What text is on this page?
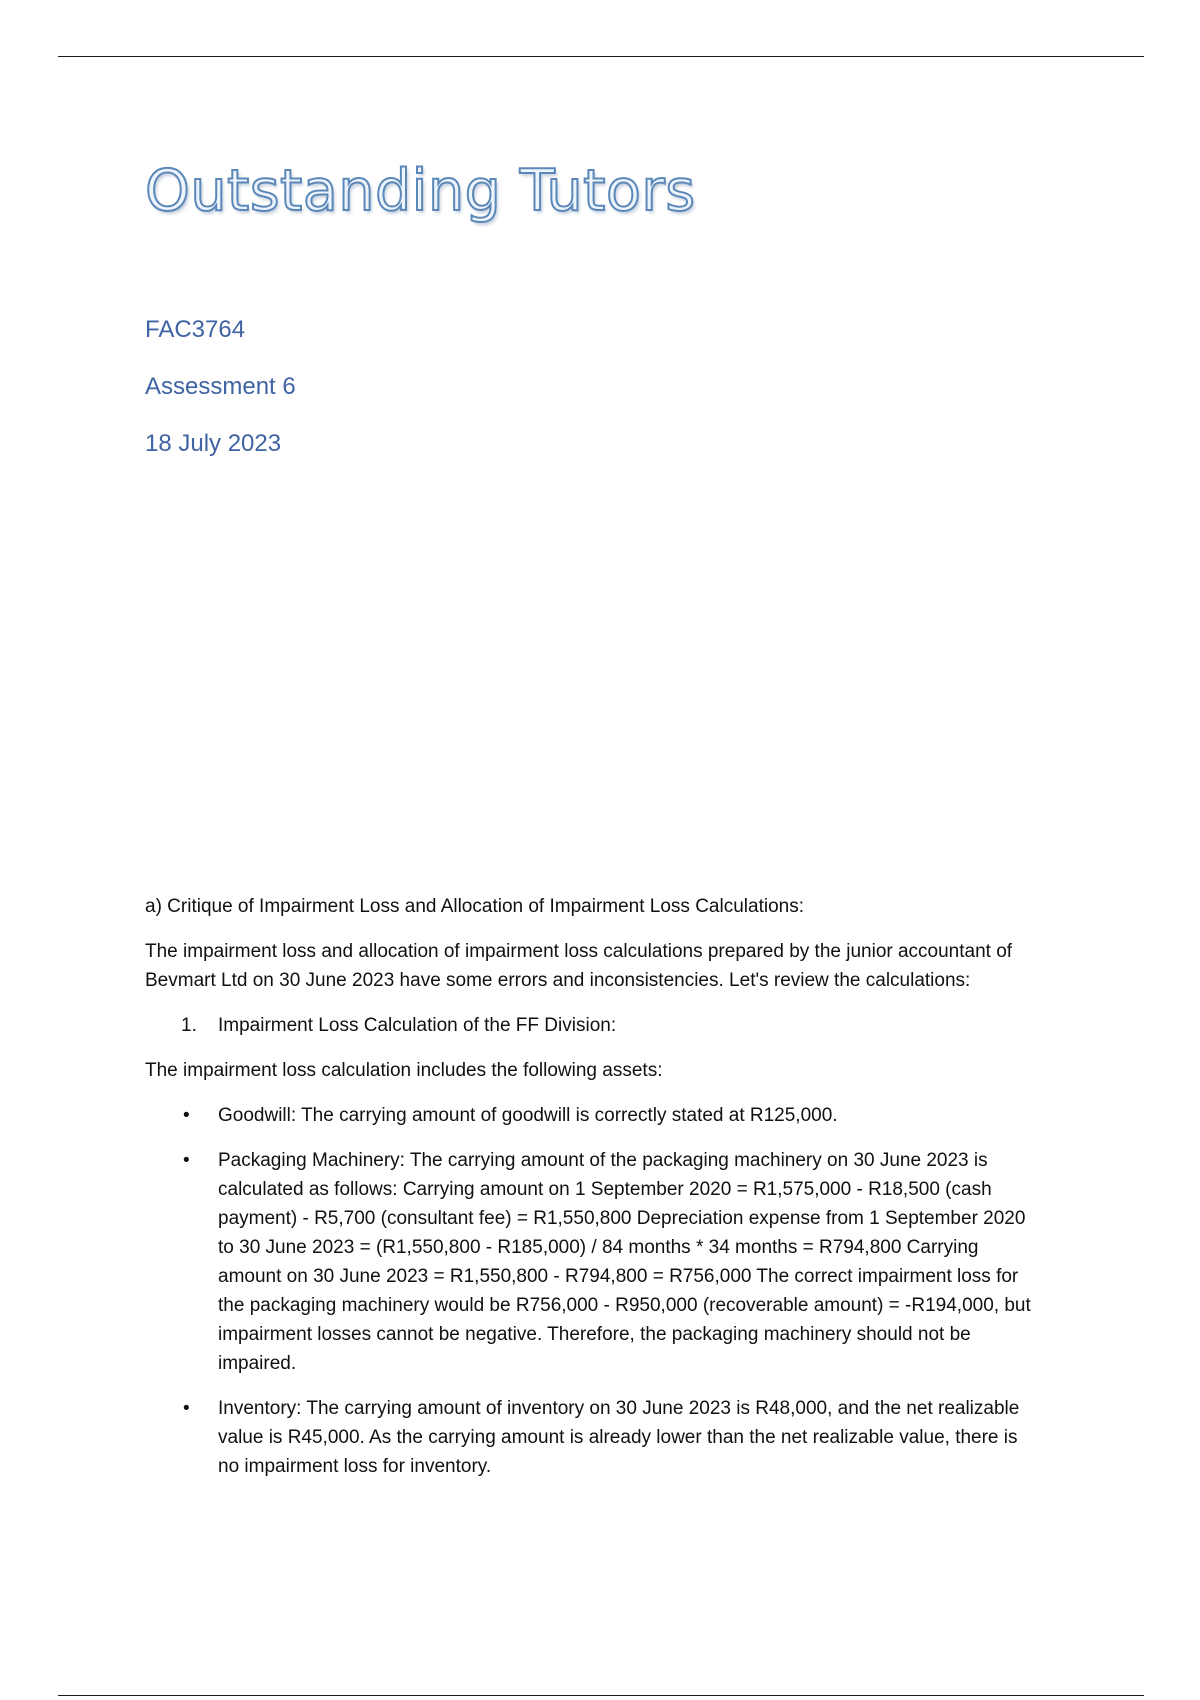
Outstanding Tutors
FAC3764
Assessment 6
18 July 2023

a) Critique of Impairment Loss and Allocation of Impairment Loss Calculations:

The impairment loss and allocation of impairment loss calculations prepared by the junior accountant of Bevmart Ltd on 30 June 2023 have some errors and inconsistencies. Let's review the calculations:

1. Impairment Loss Calculation of the FF Division:

The impairment loss calculation includes the following assets:

• Goodwill: The carrying amount of goodwill is correctly stated at R125,000.
• Packaging Machinery: The carrying amount of the packaging machinery on 30 June 2023 is calculated as follows: Carrying amount on 1 September 2020 = R1,575,000 - R18,500 (cash payment) - R5,700 (consultant fee) = R1,550,800 Depreciation expense from 1 September 2020 to 30 June 2023 = (R1,550,800 - R185,000) / 84 months * 34 months = R794,800 Carrying amount on 30 June 2023 = R1,550,800 - R794,800 = R756,000 The correct impairment loss for the packaging machinery would be R756,000 - R950,000 (recoverable amount) = -R194,000, but impairment losses cannot be negative. Therefore, the packaging machinery should not be impaired.
• Inventory: The carrying amount of inventory on 30 June 2023 is R48,000, and the net realizable value is R45,000. As the carrying amount is already lower than the net realizable value, there is no impairment loss for inventory.
